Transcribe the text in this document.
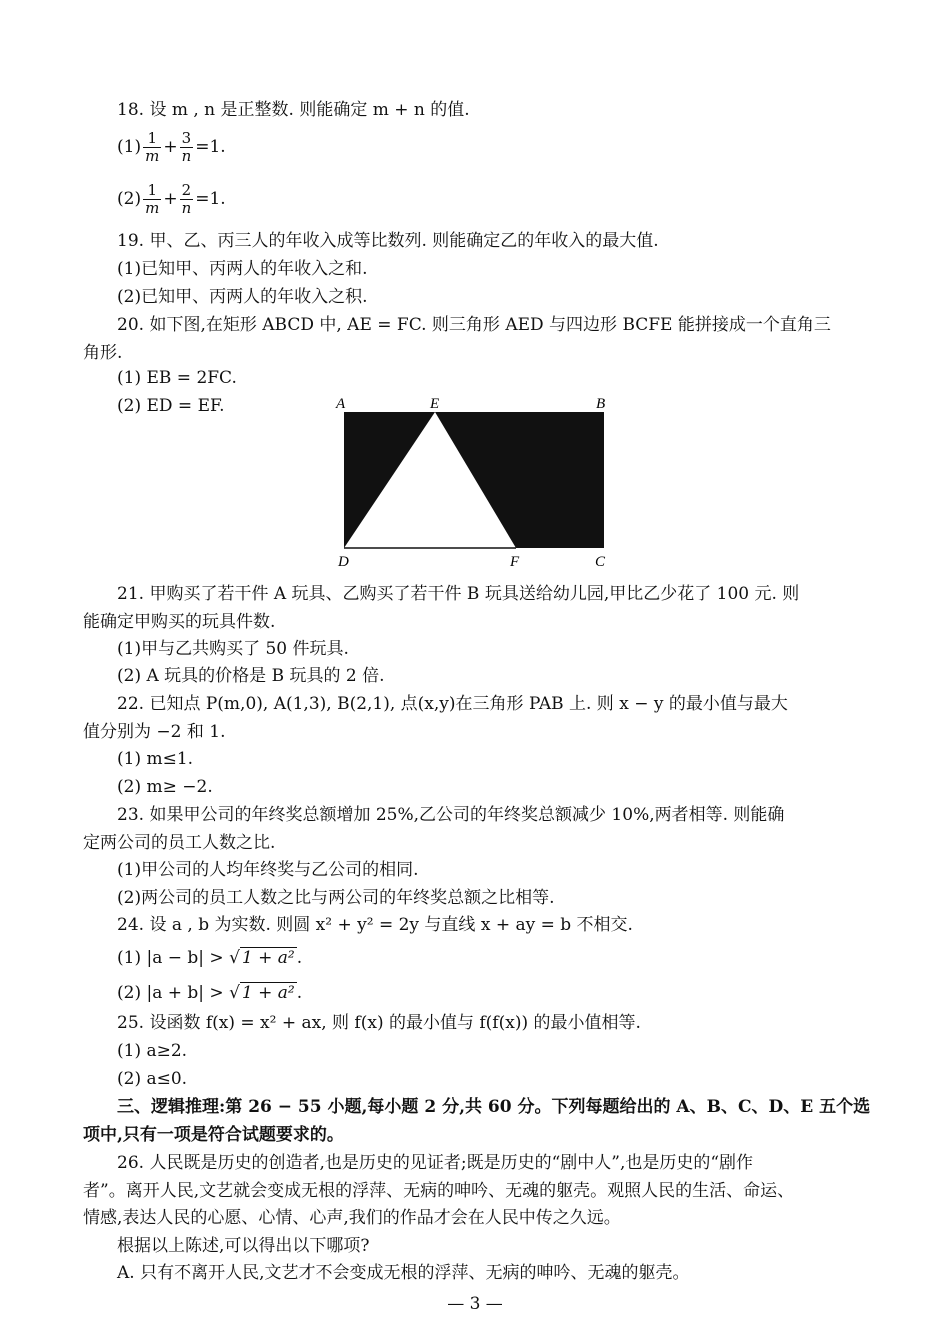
18. 设 m , n 是正整数. 则能确定 m + n 的值.
$(1) \frac{1}{m} + \frac{3}{n} =1$.
$(2) \frac{1}{m} + \frac{2}{n} =1$.
19. 甲、乙、丙三人的年收入成等比数列. 则能确定乙的年收入的最大值.
(1)已知甲、丙两人的年收入之和.
(2)已知甲、丙两人的年收入之积.
20. 如下图,在矩形 ABCD 中, AE = FC. 则三角形 AED 与四边形 BCFE 能拼接成一个直角三
角形.
(1) EB = 2FC.
(2) ED = EF.	A	E	B
D	F	C
21. 甲购买了若干件 A 玩具、乙购买了若干件 B 玩具送给幼儿园,甲比乙少花了 100 元. 则
能确定甲购买的玩具件数.
(1)甲与乙共购买了 50 件玩具.
(2) A 玩具的价格是 B 玩具的 2 倍.
22. 已知点 P(m,0), A(1,3), B(2,1), 点(x,y)在三角形 PAB 上. 则 x − y 的最小值与最大
值分别为 −2 和 1.
(1) m≤1.
(2) m≥ −2.
23. 如果甲公司的年终奖总额增加 25%,乙公司的年终奖总额减少 10%,两者相等. 则能确
定两公司的员工人数之比.
(1)甲公司的人均年终奖与乙公司的相同.
(2)两公司的员工人数之比与两公司的年终奖总额之比相等.
24. 设 a , b 为实数. 则圆 x² + y² = 2y 与直线 x + ay = b 不相交.
(1) |a − b| > √ 1 + a² .
(2) |a + b| > √ 1 + a² .
25. 设函数 f(x) = x² + ax, 则 f(x) 的最小值与 f(f(x)) 的最小值相等.
(1) a≥2.
(2) a≤0.
三、逻辑推理:第 26 − 55 小题,每小题 2 分,共 60 分。下列每题给出的 A、B、C、D、E 五个选
项中,只有一项是符合试题要求的。
26. 人民既是历史的创造者,也是历史的见证者;既是历史的“剧中人”,也是历史的“剧作
者”。离开人民,文艺就会变成无根的浮萍、无病的呻吟、无魂的躯壳。观照人民的生活、命运、
情感,表达人民的心愿、心情、心声,我们的作品才会在人民中传之久远。
根据以上陈述,可以得出以下哪项?
A. 只有不离开人民,文艺才不会变成无根的浮萍、无病的呻吟、无魂的躯壳。
— 3 —
